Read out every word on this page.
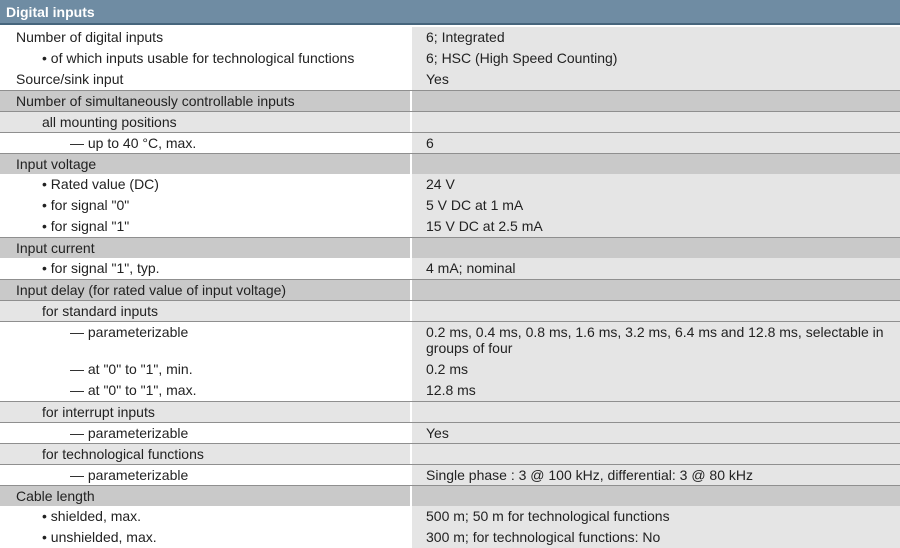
Digital inputs
Number of digital inputs	6; Integrated
• of which inputs usable for technological functions	6; HSC (High Speed Counting)
Source/sink input	Yes
Number of simultaneously controllable inputs
all mounting positions
— up to 40 °C, max.	6
Input voltage
• Rated value (DC)	24 V
• for signal "0"	5 V DC at 1 mA
• for signal "1"	15 V DC at 2.5 mA
Input current
• for signal "1", typ.	4 mA; nominal
Input delay (for rated value of input voltage)
for standard inputs
— parameterizable	0.2 ms, 0.4 ms, 0.8 ms, 1.6 ms, 3.2 ms, 6.4 ms and 12.8 ms, selectable in groups of four
— at "0" to "1", min.	0.2 ms
— at "0" to "1", max.	12.8 ms
for interrupt inputs
— parameterizable	Yes
for technological functions
— parameterizable	Single phase : 3 @ 100 kHz, differential: 3 @ 80 kHz
Cable length
• shielded, max.	500 m; 50 m for technological functions
• unshielded, max.	300 m; for technological functions: No
